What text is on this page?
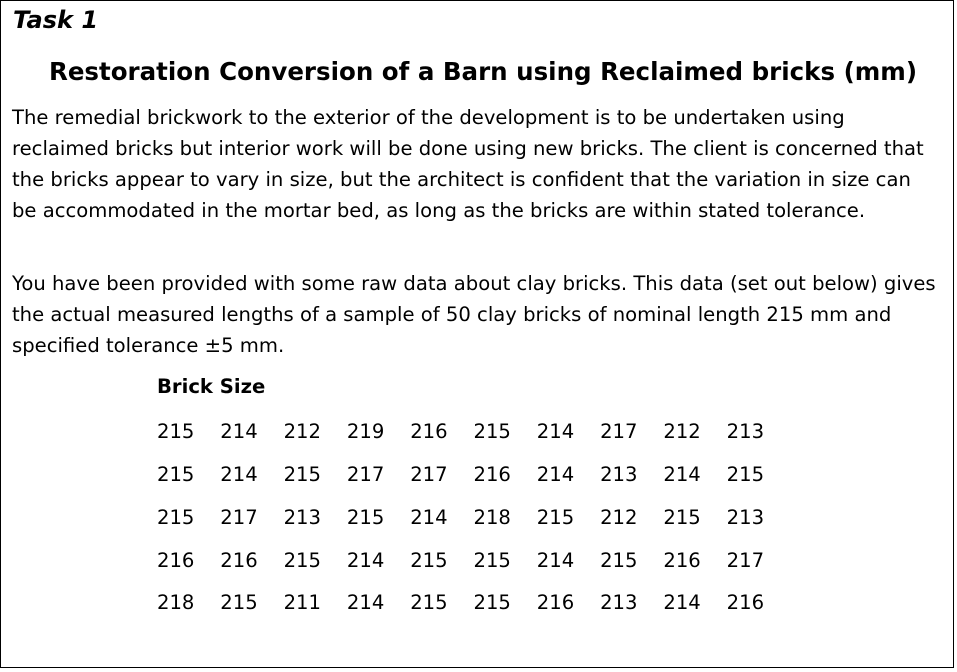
Task 1
Restoration Conversion of a Barn using Reclaimed bricks (mm)

The remedial brickwork to the exterior of the development is to be undertaken using reclaimed bricks but interior work will be done using new bricks. The client is concerned that the bricks appear to vary in size, but the architect is confident that the variation in size can be accommodated in the mortar bed, as long as the bricks are within stated tolerance.

You have been provided with some raw data about clay bricks. This data (set out below) gives the actual measured lengths of a sample of 50 clay bricks of nominal length 215 mm and specified tolerance ±5 mm.

Brick Size
215	214	212	219	216	215	214	217	212	213
215	214	215	217	217	216	214	213	214	215
215	217	213	215	214	218	215	212	215	213
216	216	215	214	215	215	214	215	216	217
218	215	211	214	215	215	216	213	214	216
